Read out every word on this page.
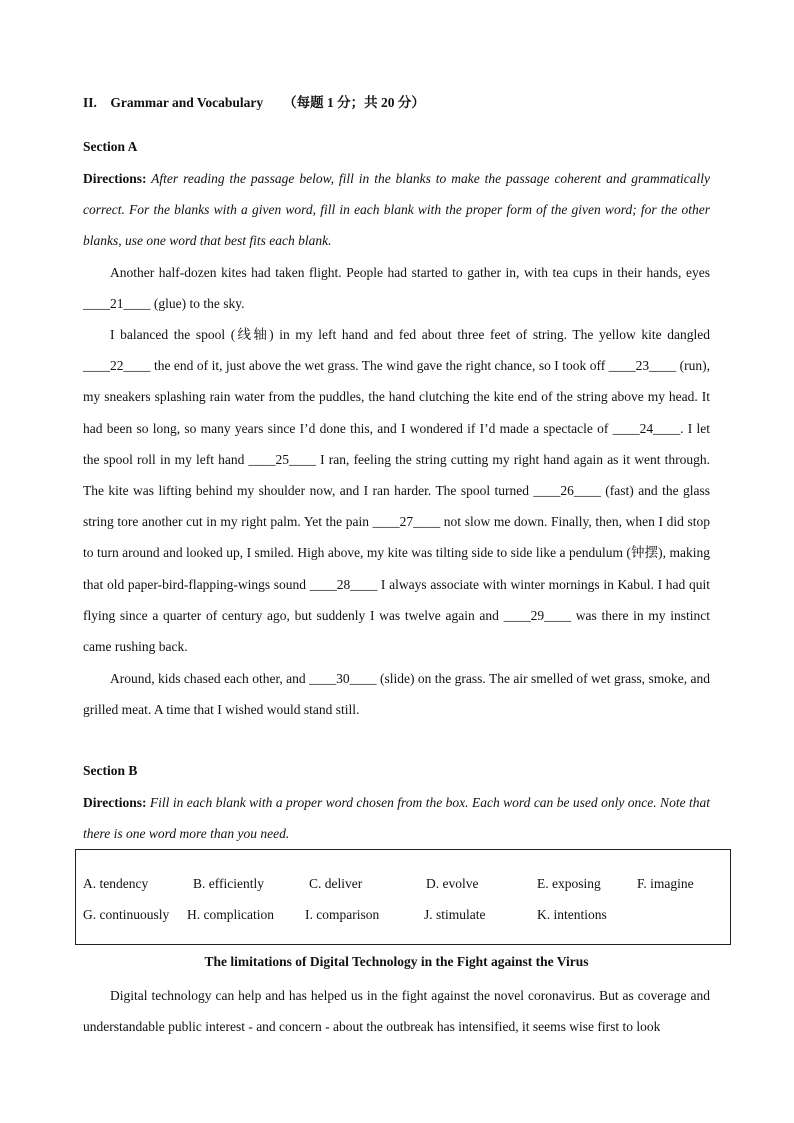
II.    Grammar and Vocabulary （每题 1 分；共 20 分）
Section A

Directions: After reading the passage below, fill in the blanks to make the passage coherent and grammatically correct. For the blanks with a given word, fill in each blank with the proper form of the given word; for the other blanks, use one word that best fits each blank.

Another half-dozen kites had taken flight. People had started to gather in, with tea cups in their hands, eyes ____21____ (glue) to the sky.

I balanced the spool (线轴) in my left hand and fed about three feet of string. The yellow kite dangled ____22____ the end of it, just above the wet grass. The wind gave the right chance, so I took off ____23____ (run), my sneakers splashing rain water from the puddles, the hand clutching the kite end of the string above my head. It had been so long, so many years since I’d done this, and I wondered if I’d made a spectacle of ____24____. I let the spool roll in my left hand ____25____ I ran, feeling the string cutting my right hand again as it went through. The kite was lifting behind my shoulder now, and I ran harder. The spool turned ____26____ (fast) and the glass string tore another cut in my right palm. Yet the pain ____27____ not slow me down. Finally, then, when I did stop to turn around and looked up, I smiled. High above, my kite was tilting side to side like a pendulum (钟摆), making that old paper-bird-flapping-wings sound ____28____ I always associate with winter mornings in Kabul. I had quit flying since a quarter of century ago, but suddenly I was twelve again and ____29____ was there in my instinct came rushing back.

Around, kids chased each other, and ____30____ (slide) on the grass. The air smelled of wet grass, smoke, and grilled meat. A time that I wished would stand still.

Section B

Directions: Fill in each blank with a proper word chosen from the box. Each word can be used only once. Note that there is one word more than you need.

A. tendency	B. efficiently	C. deliver	D. evolve	E. exposing	F. imagine
G. continuously H. complication I. comparison	J. stimulate	K. intentions
The limitations of Digital Technology in the Fight against the Virus

Digital technology can help and has helped us in the fight against the novel coronavirus. But as coverage and understandable public interest - and concern - about the outbreak has intensified, it seems wise first to look
